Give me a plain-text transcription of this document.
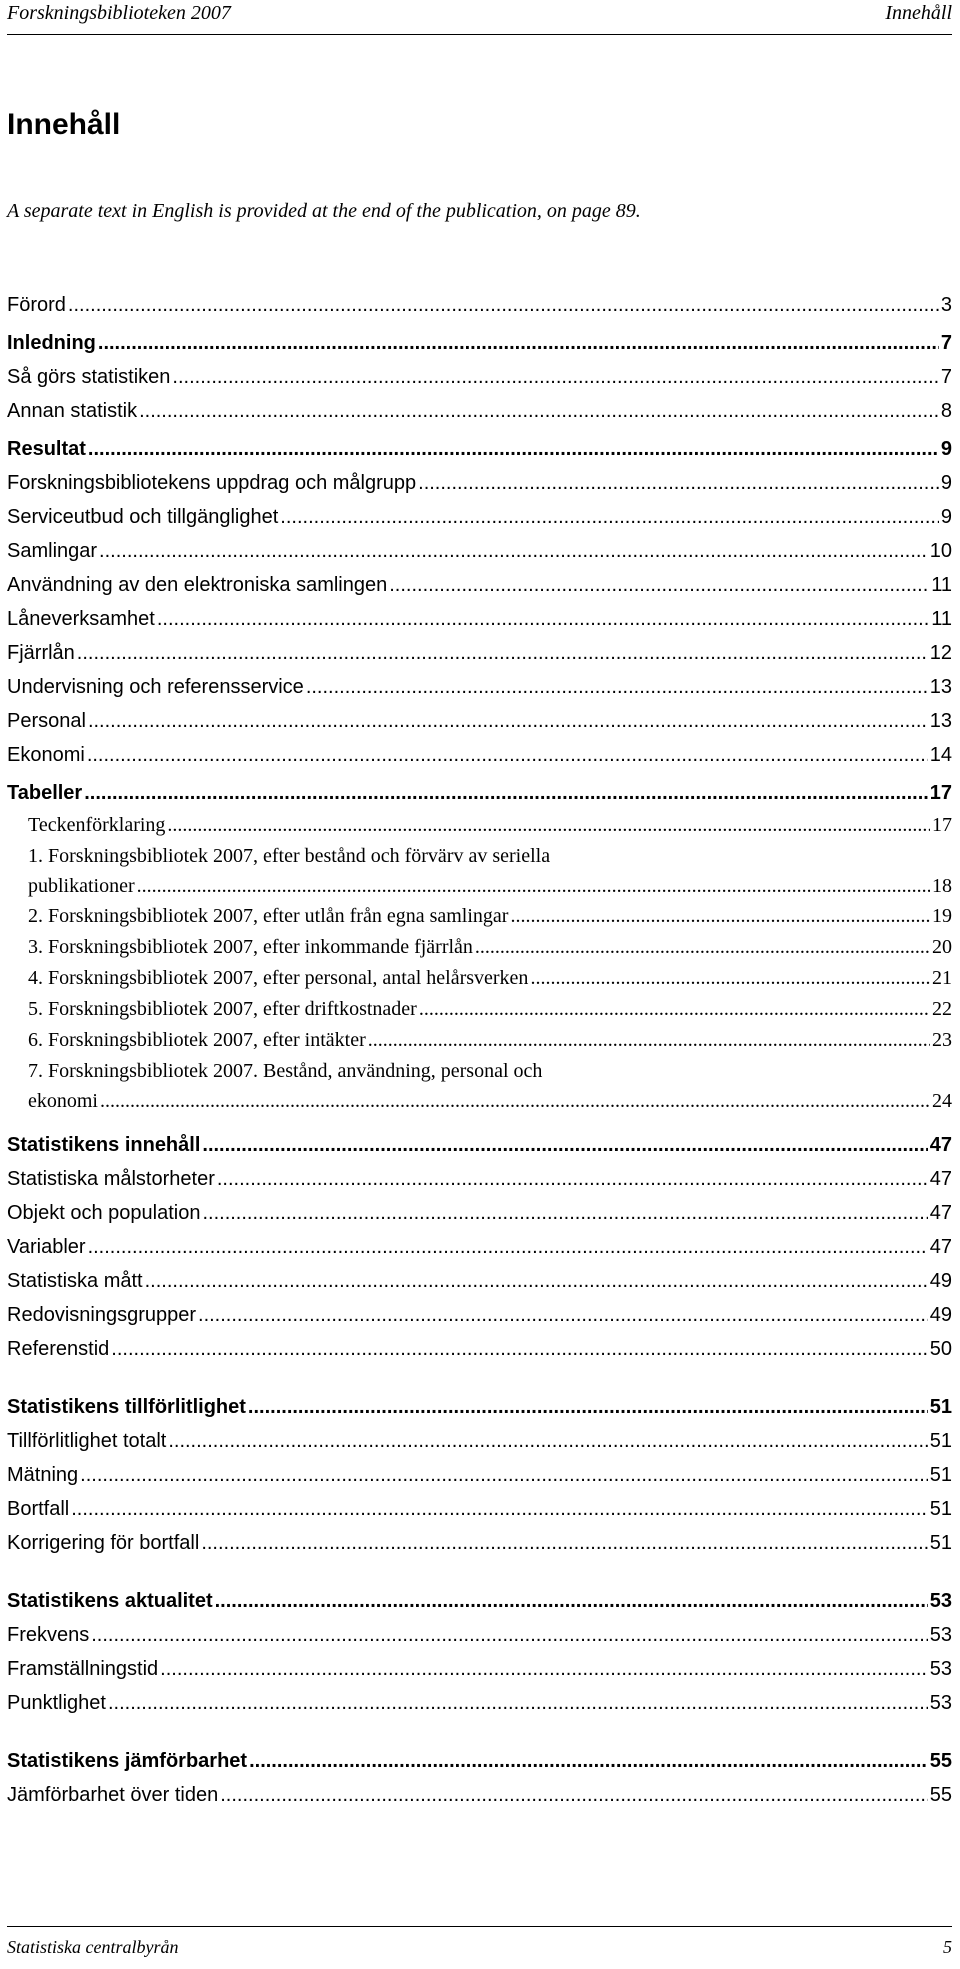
Forskningsbiblioteken 2007	Innehåll
Innehåll
A separate text in English is provided at the end of the publication, on page 89.
Förord .....	3
Inledning .....	7
Så görs statistiken .....	7
Annan statistik .....	8
Resultat .....	9
Forskningsbibliotekens uppdrag och målgrupp .....	9
Serviceutbud och tillgänglighet .....	9
Samlingar .....	10
Användning av den elektroniska samlingen .....	11
Låneverksamhet .....	11
Fjärrlån .....	12
Undervisning och referensservice .....	13
Personal .....	13
Ekonomi .....	14
Tabeller .....	17
Teckenförklaring .....	17
1. Forskningsbibliotek 2007, efter bestånd och förvärv av seriella
publikationer .....	18
2. Forskningsbibliotek 2007, efter utlån från egna samlingar .....	19
3. Forskningsbibliotek 2007, efter inkommande fjärrlån .....	20
4. Forskningsbibliotek 2007, efter personal, antal helårsverken .....	21
5. Forskningsbibliotek 2007, efter driftkostnader .....	22
6. Forskningsbibliotek 2007, efter intäkter .....	23
7. Forskningsbibliotek 2007. Bestånd, användning, personal och
ekonomi .....	24
Statistikens innehåll .....	47
Statistiska målstorheter .....	47
Objekt och population .....	47
Variabler .....	47
Statistiska mått .....	49
Redovisningsgrupper .....	49
Referenstid .....	50
Statistikens tillförlitlighet .....	51
Tillförlitlighet totalt .....	51
Mätning .....	51
Bortfall .....	51
Korrigering för bortfall .....	51
Statistikens aktualitet .....	53
Frekvens .....	53
Framställningstid .....	53
Punktlighet .....	53
Statistikens jämförbarhet .....	55
Jämförbarhet över tiden .....	55
Statistiska centralbyrån	5
